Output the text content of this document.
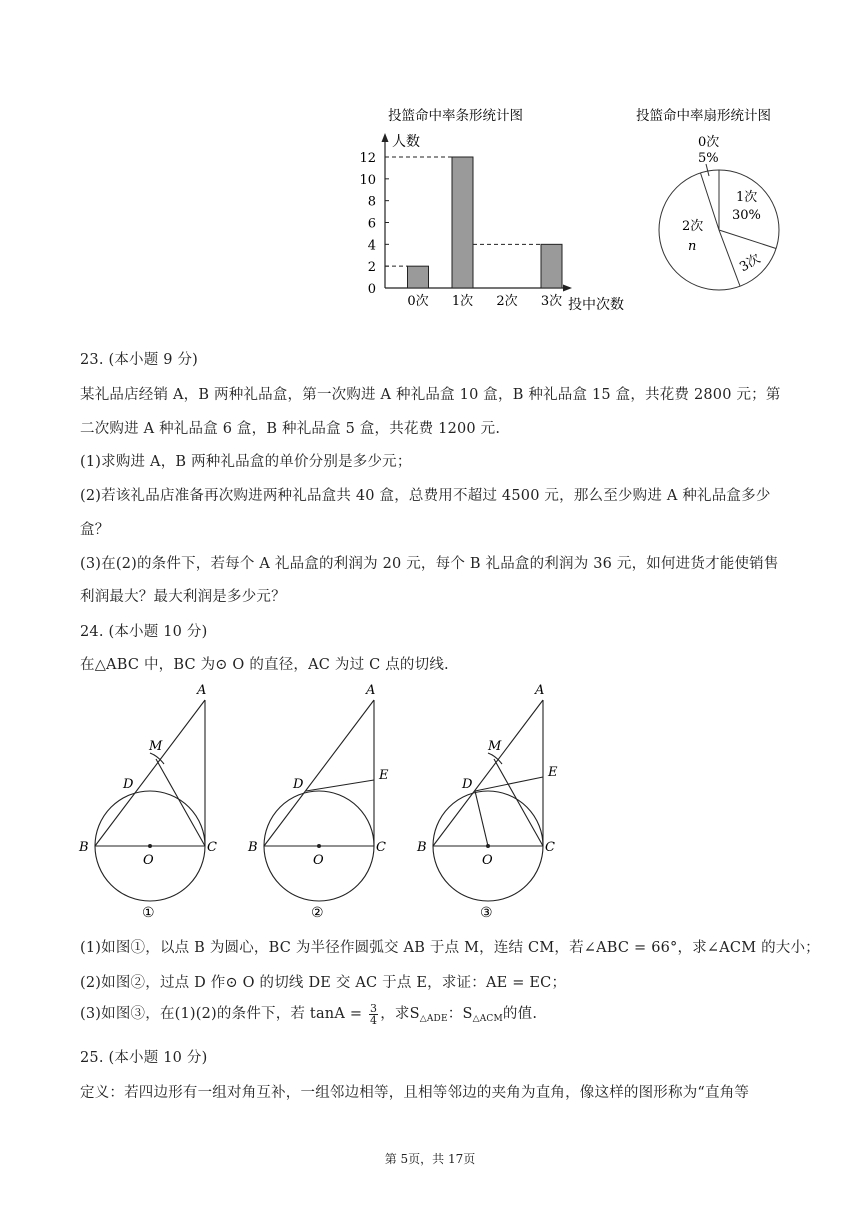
投篮命中率条形统计图
人数
投中次数
0
2
4
6
8
10
12
0次 1次 2次 3次
投篮命中率扇形统计图
0次
5%
1次
30%
2次
n
3次
23. (本小题 9 分)
某礼品店经销 A，B 两种礼品盒，第一次购进 A 种礼品盒 10 盒，B 种礼品盒 15 盒，共花费 2800 元；第
二次购进 A 种礼品盒 6 盒，B 种礼品盒 5 盒，共花费 1200 元.
(1)求购进 A，B 两种礼品盒的单价分别是多少元；
(2)若该礼品店准备再次购进两种礼品盒共 40 盒，总费用不超过 4500 元，那么至少购进 A 种礼品盒多少
盒？
(3)在(2)的条件下，若每个 A 礼品盒的利润为 20 元，每个 B 礼品盒的利润为 36 元，如何进货才能使销售
利润最大？最大利润是多少元？
24. (本小题 10 分)
在△ABC 中，BC 为⊙ O 的直径，AC 为过 C 点的切线.
A
M
D
B	C
O
①
A
E
D
B	C
O
②
A
M
E
D
B	C
O
③
(1)如图①，以点 B 为圆心，BC 为半径作圆弧交 AB 于点 M，连结 CM，若∠ABC = 66°，求∠ACM 的大小；
(2)如图②，过点 D 作⊙ O 的切线 DE 交 AC 于点 E，求证：AE = EC；
(3)如图③，在(1)(2)的条件下，若 $\tan A = \frac{3}{4}$ ，求$S_{\triangle ADE}$：$S_{\triangle ACM}$的值.
25. (本小题 10 分)
定义：若四边形有一组对角互补，一组邻边相等，且相等邻边的夹角为直角，像这样的图形称为“直角等
第 5页，共 17页
